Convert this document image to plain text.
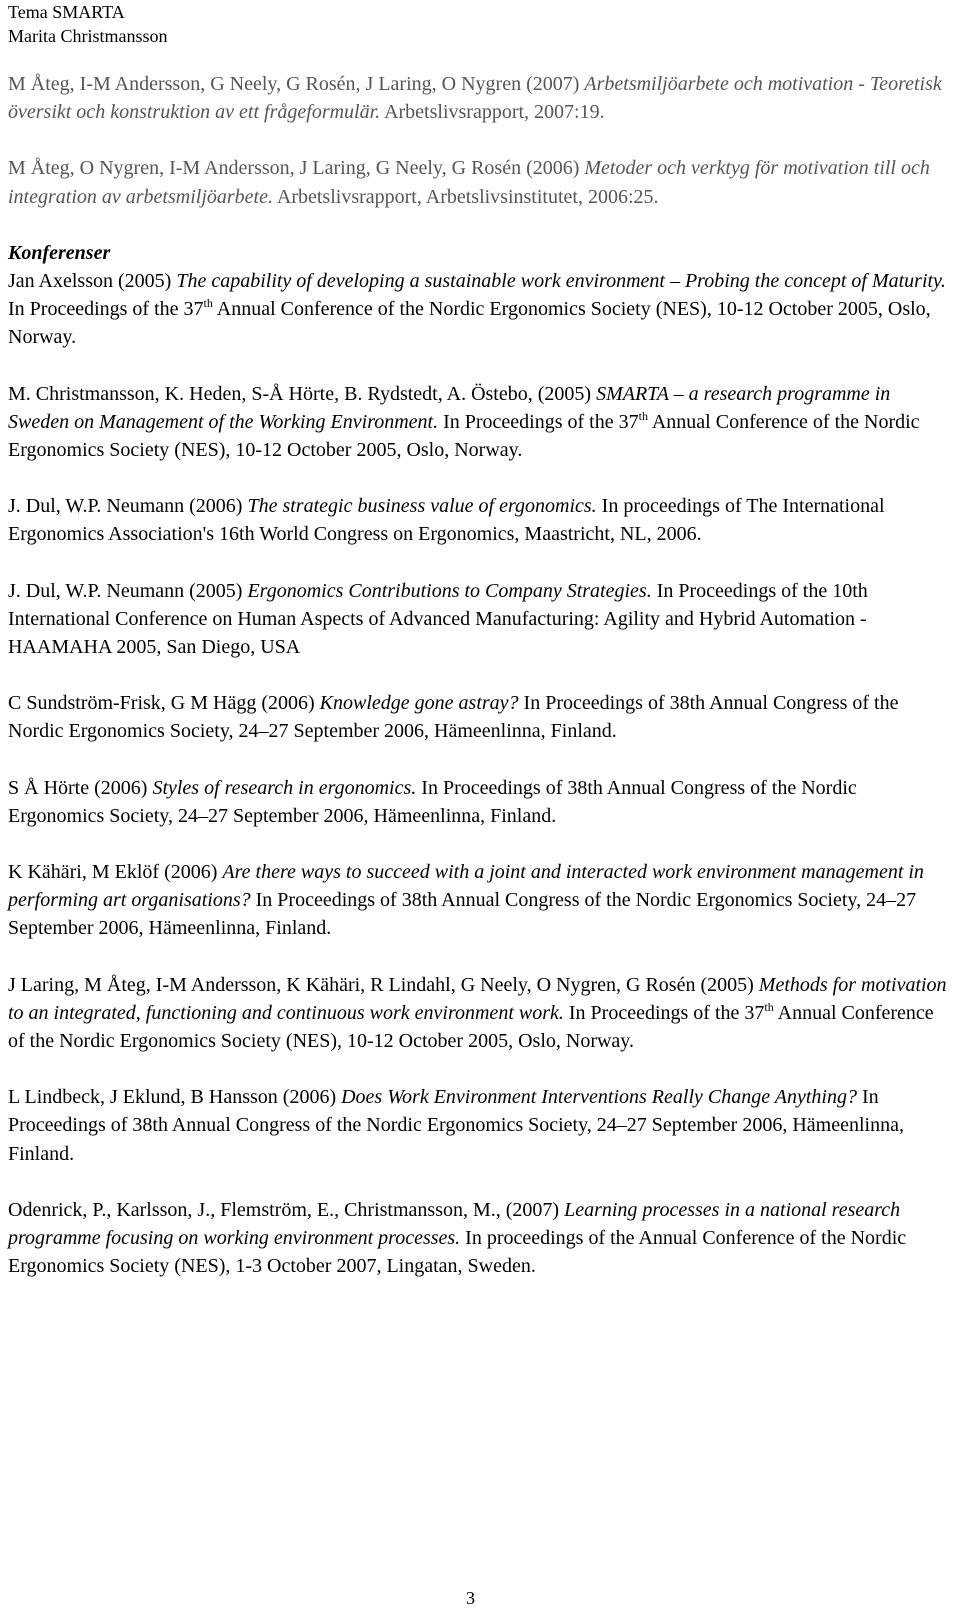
Tema SMARTA
Marita Christmansson

M Åteg, I-M Andersson, G Neely, G Rosén, J Laring, O Nygren (2007) Arbetsmiljöarbete och motivation - Teoretisk översikt och konstruktion av ett frågeformulär. Arbetslivsrapport, 2007:19.

M Åteg, O Nygren, I-M Andersson, J Laring, G Neely, G Rosén (2006) Metoder och verktyg för motivation till och integration av arbetsmiljöarbete. Arbetslivsrapport, Arbetslivsinstitutet, 2006:25.

Konferenser

Jan Axelsson (2005) The capability of developing a sustainable work environment – Probing the concept of Maturity. In Proceedings of the 37th Annual Conference of the Nordic Ergonomics Society (NES), 10-12 October 2005, Oslo, Norway.

M. Christmansson, K. Heden, S-Å Hörte, B. Rydstedt, A. Östebo, (2005) SMARTA – a research programme in Sweden on Management of the Working Environment. In Proceedings of the 37th Annual Conference of the Nordic Ergonomics Society (NES), 10-12 October 2005, Oslo, Norway.

J. Dul, W.P. Neumann (2006) The strategic business value of ergonomics. In proceedings of The International Ergonomics Association's 16th World Congress on Ergonomics, Maastricht, NL, 2006.

J. Dul, W.P. Neumann (2005) Ergonomics Contributions to Company Strategies. In Proceedings of the 10th International Conference on Human Aspects of Advanced Manufacturing: Agility and Hybrid Automation - HAAMAHA 2005, San Diego, USA

C Sundström-Frisk, G M Hägg (2006) Knowledge gone astray? In Proceedings of 38th Annual Congress of the Nordic Ergonomics Society, 24–27 September 2006, Hämeenlinna, Finland.

S Å Hörte (2006) Styles of research in ergonomics. In Proceedings of 38th Annual Congress of the Nordic Ergonomics Society, 24–27 September 2006, Hämeenlinna, Finland.

K Kähäri, M Eklöf (2006) Are there ways to succeed with a joint and interacted work environment management in performing art organisations? In Proceedings of 38th Annual Congress of the Nordic Ergonomics Society, 24–27 September 2006, Hämeenlinna, Finland.

J Laring, M Åteg, I-M Andersson, K Kähäri, R Lindahl, G Neely, O Nygren, G Rosén (2005) Methods for motivation to an integrated, functioning and continuous work environment work. In Proceedings of the 37th Annual Conference of the Nordic Ergonomics Society (NES), 10-12 October 2005, Oslo, Norway.

L Lindbeck, J Eklund, B Hansson (2006) Does Work Environment Interventions Really Change Anything? In Proceedings of 38th Annual Congress of the Nordic Ergonomics Society, 24–27 September 2006, Hämeenlinna, Finland.

Odenrick, P., Karlsson, J., Flemström, E., Christmansson, M., (2007) Learning processes in a national research programme focusing on working environment processes. In proceedings of the Annual Conference of the Nordic Ergonomics Society (NES), 1-3 October 2007, Lingatan, Sweden.

3
